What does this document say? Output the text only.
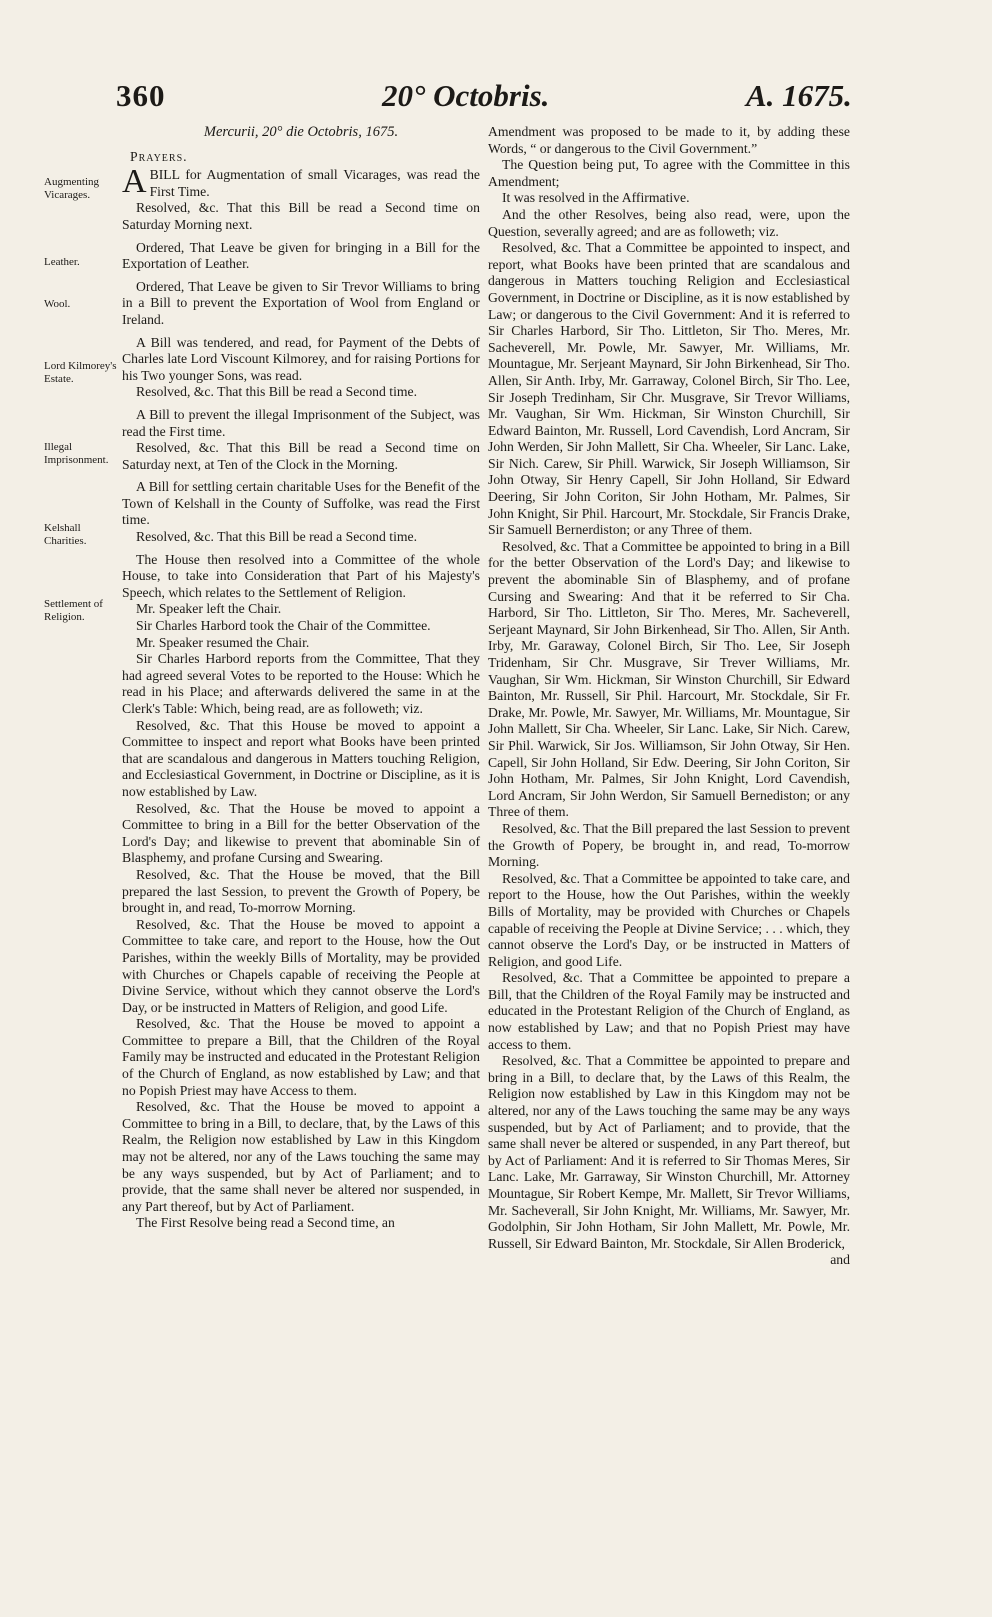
360	20° Octobris.	A. 1675.
Augmenting Vicarages.
Leather.
Wool.
Lord Kilmorey's Estate.
Illegal Imprisonment.
Kelshall Charities.
Settlement of Religion.
Mercurii, 20° die Octobris, 1675.
Prayers.

ABILL for Augmentation of small Vicarages, was read the First Time.

Resolved, &c. That this Bill be read a Second time on Saturday Morning next.

Ordered, That Leave be given for bringing in a Bill for the Exportation of Leather.

Ordered, That Leave be given to Sir Trevor Williams to bring in a Bill to prevent the Exportation of Wool from England or Ireland.

A Bill was tendered, and read, for Payment of the Debts of Charles late Lord Viscount Kilmorey, and for raising Portions for his Two younger Sons, was read.

Resolved, &c. That this Bill be read a Second time.

A Bill to prevent the illegal Imprisonment of the Subject, was read the First time.

Resolved, &c. That this Bill be read a Second time on Saturday next, at Ten of the Clock in the Morning.

A Bill for settling certain charitable Uses for the Benefit of the Town of Kelshall in the County of Suffolke, was read the First time.

Resolved, &c. That this Bill be read a Second time.

The House then resolved into a Committee of the whole House, to take into Consideration that Part of his Majesty's Speech, which relates to the Settlement of Religion.

Mr. Speaker left the Chair.

Sir Charles Harbord took the Chair of the Committee.

Mr. Speaker resumed the Chair.

Sir Charles Harbord reports from the Committee, That they had agreed several Votes to be reported to the House: Which he read in his Place; and afterwards delivered the same in at the Clerk's Table: Which, being read, are as followeth; viz.

Resolved, &c. That this House be moved to appoint a Committee to inspect and report what Books have been printed that are scandalous and dangerous in Matters touching Religion, and Ecclesiastical Government, in Doctrine or Discipline, as it is now established by Law.

Resolved, &c. That the House be moved to appoint a Committee to bring in a Bill for the better Observation of the Lord's Day; and likewise to prevent that abominable Sin of Blasphemy, and profane Cursing and Swearing.

Resolved, &c. That the House be moved, that the Bill prepared the last Session, to prevent the Growth of Popery, be brought in, and read, To-morrow Morning.

Resolved, &c. That the House be moved to appoint a Committee to take care, and report to the House, how the Out Parishes, within the weekly Bills of Mortality, may be provided with Churches or Chapels capable of receiving the People at Divine Service, without which they cannot observe the Lord's Day, or be instructed in Matters of Religion, and good Life.

Resolved, &c. That the House be moved to appoint a Committee to prepare a Bill, that the Children of the Royal Family may be instructed and educated in the Protestant Religion of the Church of England, as now established by Law; and that no Popish Priest may have Access to them.

Resolved, &c. That the House be moved to appoint a Committee to bring in a Bill, to declare, that, by the Laws of this Realm, the Religion now established by Law in this Kingdom may not be altered, nor any of the Laws touching the same may be any ways suspended, but by Act of Parliament; and to provide, that the same shall never be altered nor suspended, in any Part thereof, but by Act of Parliament.

The First Resolve being read a Second time, an

Amendment was proposed to be made to it, by adding these Words, “ or dangerous to the Civil Government.”

The Question being put, To agree with the Committee in this Amendment;

It was resolved in the Affirmative.

And the other Resolves, being also read, were, upon the Question, severally agreed; and are as followeth; viz.

Resolved, &c. That a Committee be appointed to inspect, and report, what Books have been printed that are scandalous and dangerous in Matters touching Religion and Ecclesiastical Government, in Doctrine or Discipline, as it is now established by Law; or dangerous to the Civil Government: And it is referred to Sir Charles Harbord, Sir Tho. Littleton, Sir Tho. Meres, Mr. Sacheverell, Mr. Powle, Mr. Sawyer, Mr. Williams, Mr. Mountague, Mr. Serjeant Maynard, Sir John Birkenhead, Sir Tho. Allen, Sir Anth. Irby, Mr. Garraway, Colonel Birch, Sir Tho. Lee, Sir Joseph Tredinham, Sir Chr. Musgrave, Sir Trevor Williams, Mr. Vaughan, Sir Wm. Hickman, Sir Winston Churchill, Sir Edward Bainton, Mr. Russell, Lord Cavendish, Lord Ancram, Sir John Werden, Sir John Mallett, Sir Cha. Wheeler, Sir Lanc. Lake, Sir Nich. Carew, Sir Phill. Warwick, Sir Joseph Williamson, Sir John Otway, Sir Henry Capell, Sir John Holland, Sir Edward Deering, Sir John Coriton, Sir John Hotham, Mr. Palmes, Sir John Knight, Sir Phil. Harcourt, Mr. Stockdale, Sir Francis Drake, Sir Samuell Bernerdiston; or any Three of them.

Resolved, &c. That a Committee be appointed to bring in a Bill for the better Observation of the Lord's Day; and likewise to prevent the abominable Sin of Blasphemy, and of profane Cursing and Swearing: And that it be referred to Sir Cha. Harbord, Sir Tho. Littleton, Sir Tho. Meres, Mr. Sacheverell, Serjeant Maynard, Sir John Birkenhead, Sir Tho. Allen, Sir Anth. Irby, Mr. Garaway, Colonel Birch, Sir Tho. Lee, Sir Joseph Tridenham, Sir Chr. Musgrave, Sir Trever Williams, Mr. Vaughan, Sir Wm. Hickman, Sir Winston Churchill, Sir Edward Bainton, Mr. Russell, Sir Phil. Harcourt, Mr. Stockdale, Sir Fr. Drake, Mr. Powle, Mr. Sawyer, Mr. Williams, Mr. Mountague, Sir John Mallett, Sir Cha. Wheeler, Sir Lanc. Lake, Sir Nich. Carew, Sir Phil. Warwick, Sir Jos. Williamson, Sir John Otway, Sir Hen. Capell, Sir John Holland, Sir Edw. Deering, Sir John Coriton, Sir John Hotham, Mr. Palmes, Sir John Knight, Lord Cavendish, Lord Ancram, Sir John Werdon, Sir Samuell Bernediston; or any Three of them.

Resolved, &c. That the Bill prepared the last Session to prevent the Growth of Popery, be brought in, and read, To-morrow Morning.

Resolved, &c. That a Committee be appointed to take care, and report to the House, how the Out Parishes, within the weekly Bills of Mortality, may be provided with Churches or Chapels capable of receiving the People at Divine Service; . . . which, they cannot observe the Lord's Day, or be instructed in Matters of Religion, and good Life.

Resolved, &c. That a Committee be appointed to prepare a Bill, that the Children of the Royal Family may be instructed and educated in the Protestant Religion of the Church of England, as now established by Law; and that no Popish Priest may have access to them.

Resolved, &c. That a Committee be appointed to prepare and bring in a Bill, to declare that, by the Laws of this Realm, the Religion now established by Law in this Kingdom may not be altered, nor any of the Laws touching the same may be any ways suspended, but by Act of Parliament; and to provide, that the same shall never be altered or suspended, in any Part thereof, but by Act of Parliament: And it is referred to Sir Thomas Meres, Sir Lanc. Lake, Mr. Garraway, Sir Winston Churchill, Mr. Attorney Mountague, Sir Robert Kempe, Mr. Mallett, Sir Trevor Williams, Mr. Sacheverall, Sir John Knight, Mr. Williams, Mr. Sawyer, Mr. Godolphin, Sir John Hotham, Sir John Mallett, Mr. Powle, Mr. Russell, Sir Edward Bainton, Mr. Stockdale, Sir Allen Broderick,

and
